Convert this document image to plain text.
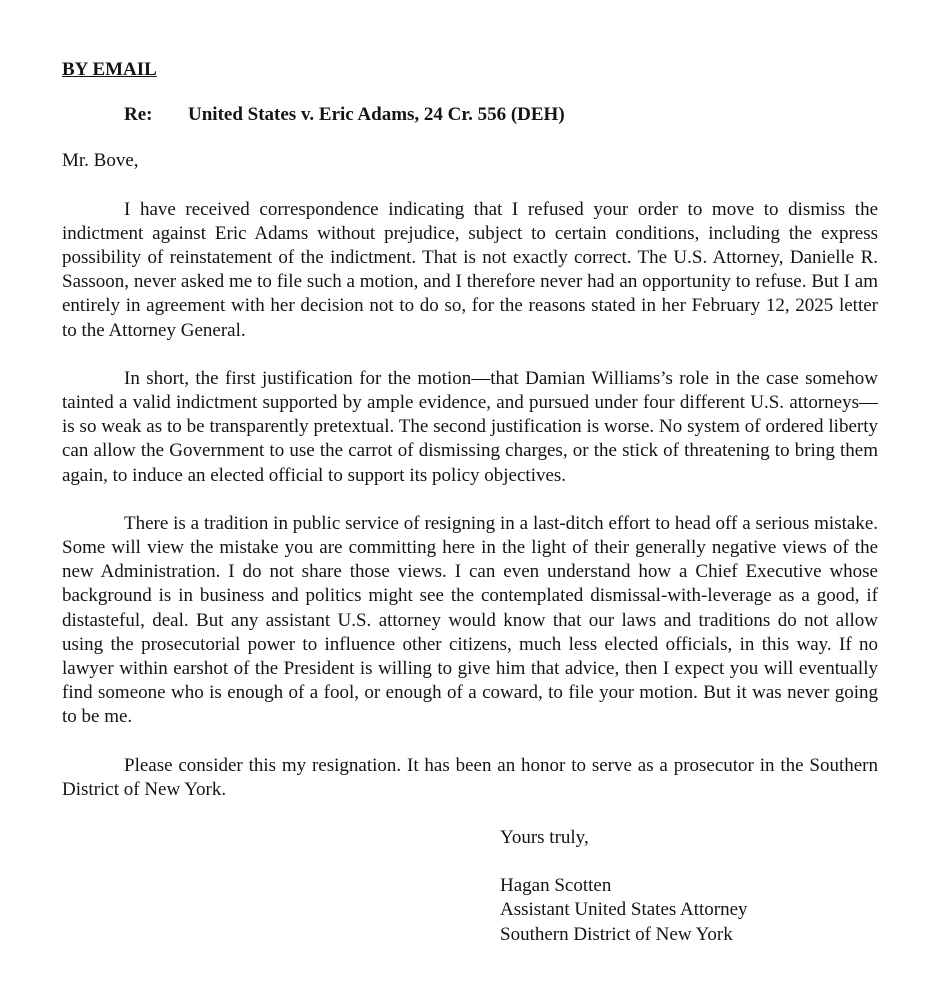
BY EMAIL
Re:	United States v. Eric Adams, 24 Cr. 556 (DEH)
Mr. Bove,

I have received correspondence indicating that I refused your order to move to dismiss the indictment against Eric Adams without prejudice, subject to certain conditions, including the express possibility of reinstatement of the indictment. That is not exactly correct. The U.S. Attorney, Danielle R. Sassoon, never asked me to file such a motion, and I therefore never had an opportunity to refuse. But I am entirely in agreement with her decision not to do so, for the reasons stated in her February 12, 2025 letter to the Attorney General.

In short, the first justification for the motion—that Damian Williams’s role in the case somehow tainted a valid indictment supported by ample evidence, and pursued under four different U.S. attorneys—is so weak as to be transparently pretextual. The second justification is worse. No system of ordered liberty can allow the Government to use the carrot of dismissing charges, or the stick of threatening to bring them again, to induce an elected official to support its policy objectives.

There is a tradition in public service of resigning in a last-ditch effort to head off a serious mistake. Some will view the mistake you are committing here in the light of their generally negative views of the new Administration. I do not share those views. I can even understand how a Chief Executive whose background is in business and politics might see the contemplated dismissal-with-leverage as a good, if distasteful, deal. But any assistant U.S. attorney would know that our laws and traditions do not allow using the prosecutorial power to influence other citizens, much less elected officials, in this way. If no lawyer within earshot of the President is willing to give him that advice, then I expect you will eventually find someone who is enough of a fool, or enough of a coward, to file your motion. But it was never going to be me.

Please consider this my resignation. It has been an honor to serve as a prosecutor in the Southern District of New York.

Yours truly,
Hagan Scotten
Assistant United States Attorney
Southern District of New York
